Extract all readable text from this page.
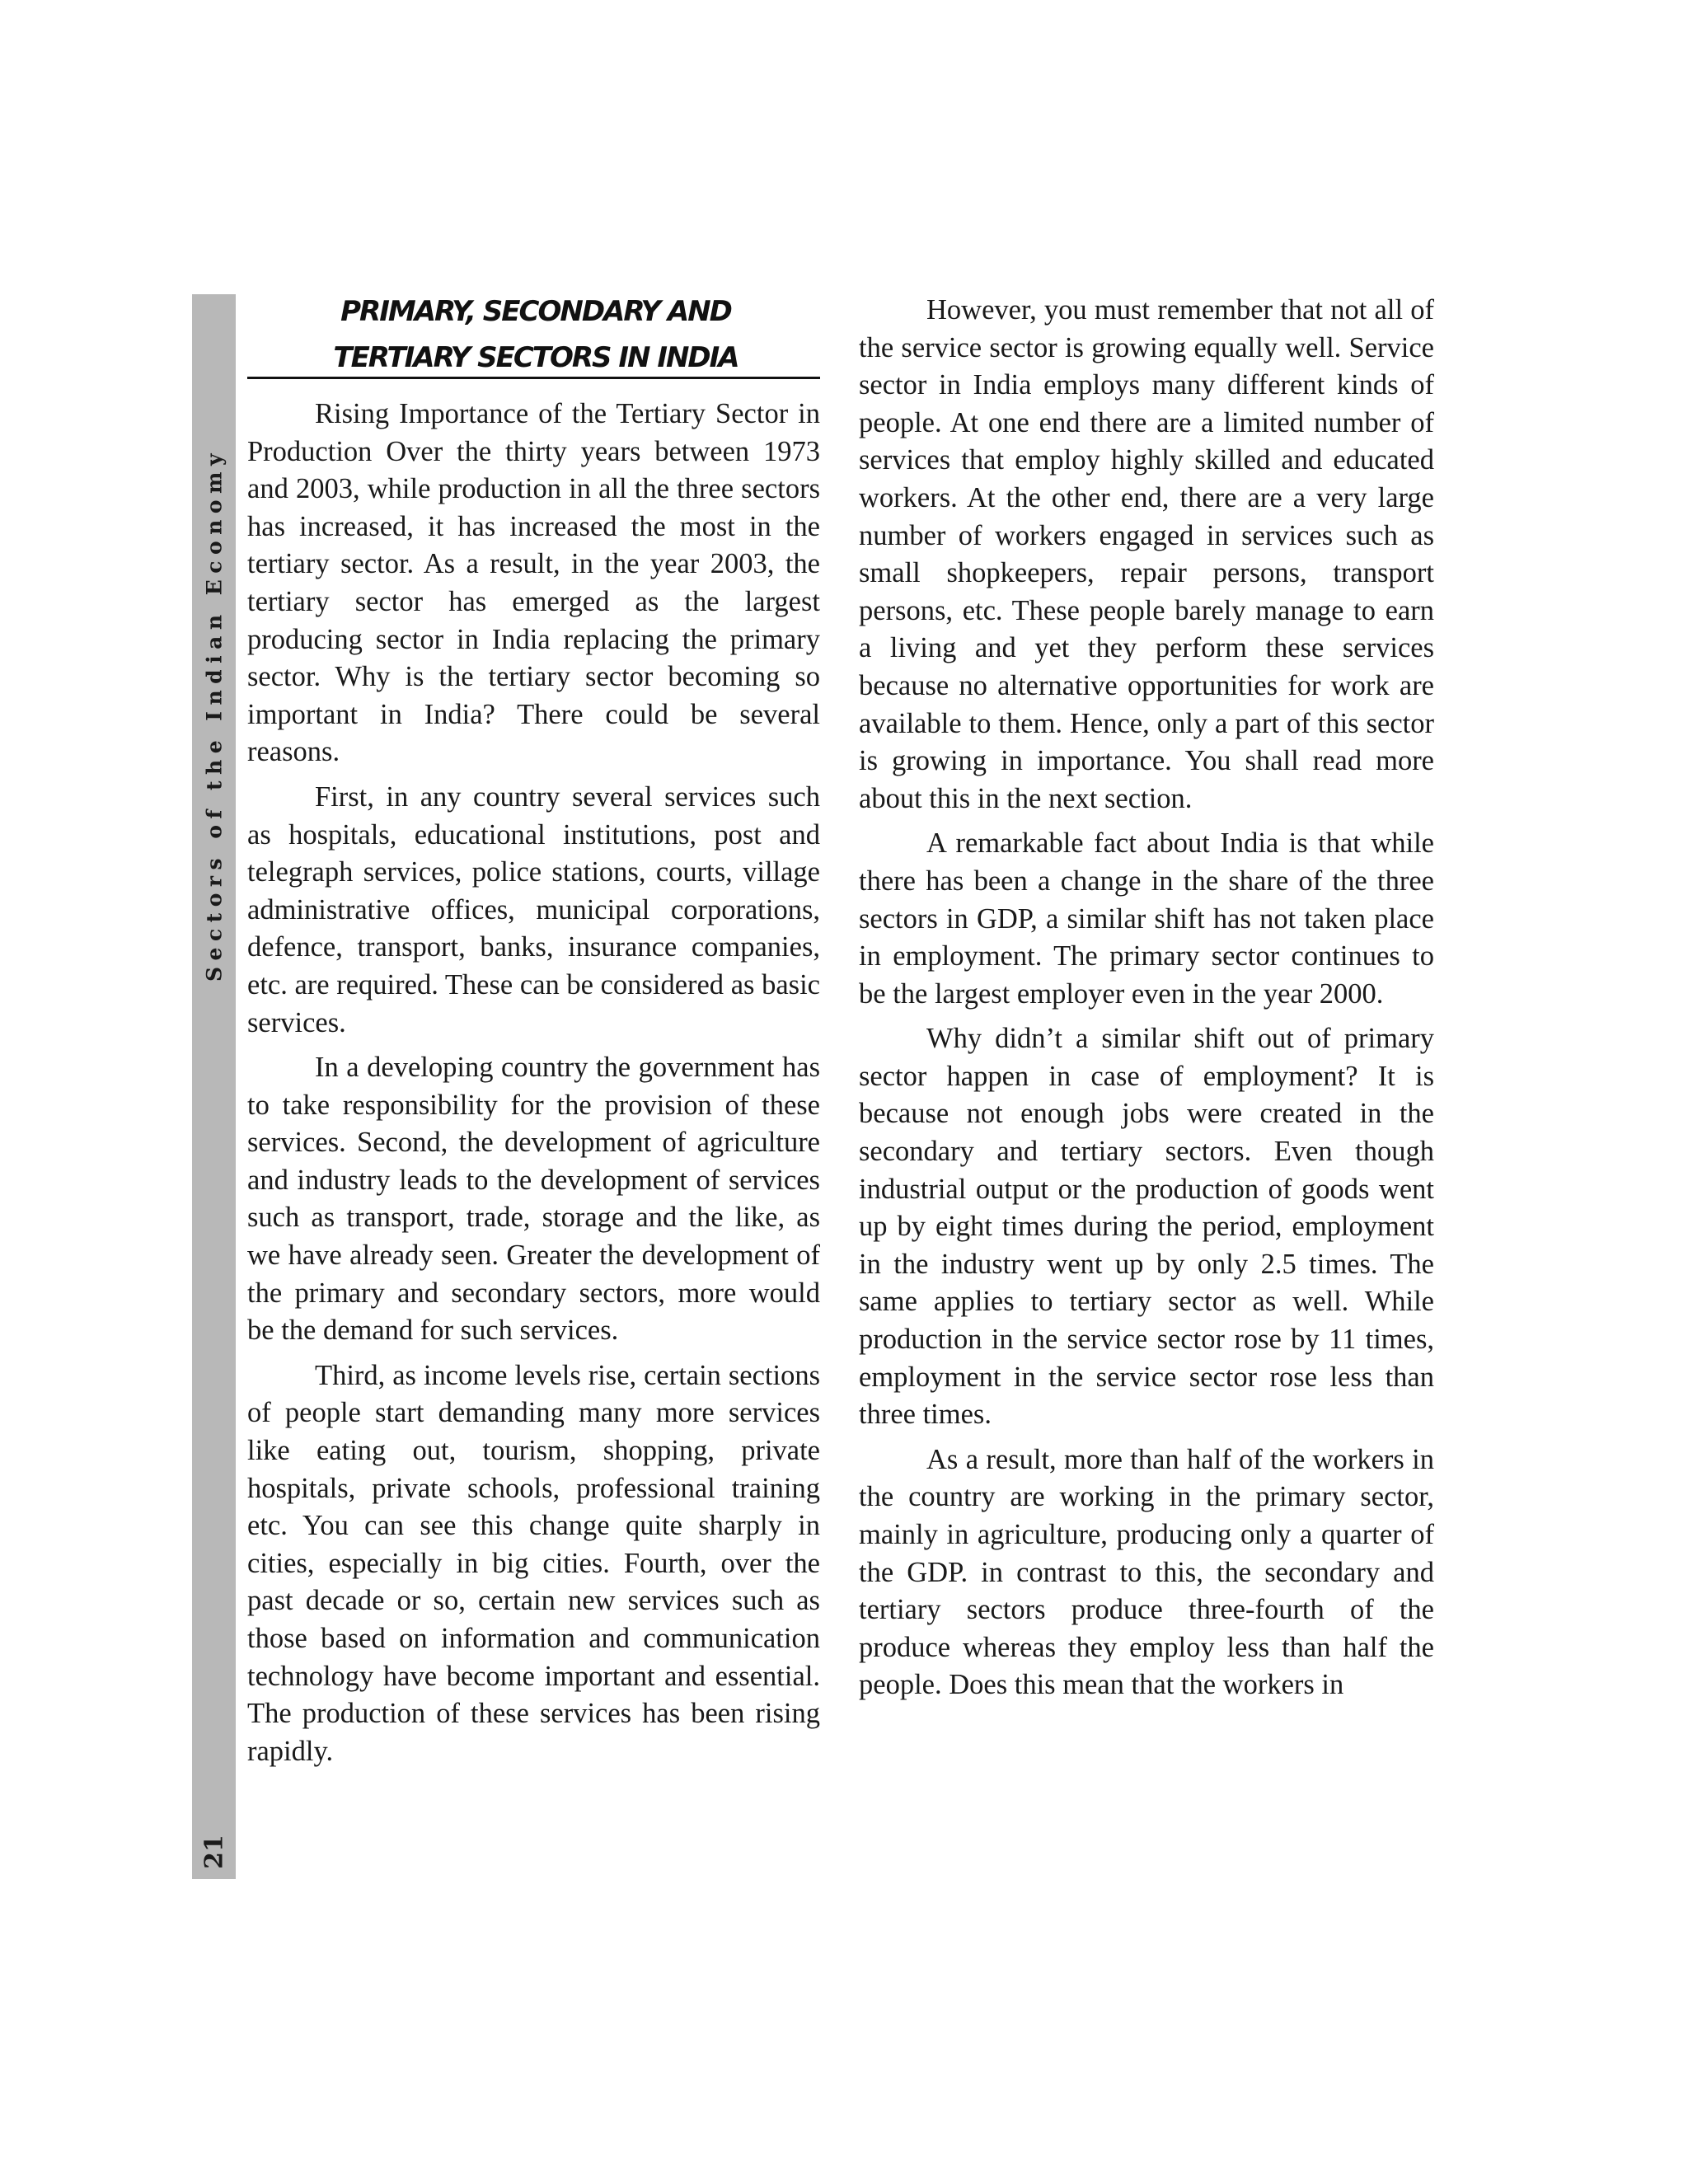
Sectors of the Indian Economy
21
PRIMARY, SECONDARY AND
TERTIARY SECTORS IN INDIA

Rising Importance of the Tertiary Sector in Production Over the thirty years between 1973 and 2003, while production in all the three sectors has increased, it has increased the most in the tertiary sector. As a result, in the year 2003, the tertiary sector has emerged as the largest producing sector in India replacing the primary sector. Why is the tertiary sector becoming so important in India? There could be several reasons.

First, in any country several services such as hospitals, educational institutions, post and telegraph services, police stations, courts, village administrative offices, municipal corporations, defence, transport, banks, insurance companies, etc. are required. These can be considered as basic services.

In a developing country the government has to take responsibility for the provision of these services. Second, the development of agriculture and industry leads to the development of services such as transport, trade, storage and the like, as we have already seen. Greater the development of the primary and secondary sectors, more would be the demand for such services.

Third, as income levels rise, certain sections of people start demanding many more services like eating out, tourism, shopping, private hospitals, private schools, professional training etc. You can see this change quite sharply in cities, especially in big cities. Fourth, over the past decade or so, certain new services such as those based on information and communication technology have become important and essential. The production of these services has been rising rapidly.

However, you must remember that not all of the service sector is growing equally well. Service sector in India employs many different kinds of people. At one end there are a limited number of services that employ highly skilled and educated workers. At the other end, there are a very large number of workers engaged in services such as small shopkeepers, repair persons, transport persons, etc. These people barely manage to earn a living and yet they perform these services because no alternative opportunities for work are available to them. Hence, only a part of this sector is growing in importance. You shall read more about this in the next section.

A remarkable fact about India is that while there has been a change in the share of the three sectors in GDP, a similar shift has not taken place in employment. The primary sector continues to be the largest employer even in the year 2000.

Why didn’t a similar shift out of primary sector happen in case of employment? It is because not enough jobs were created in the secondary and tertiary sectors. Even though industrial output or the production of goods went up by eight times during the period, employment in the industry went up by only 2.5 times. The same applies to tertiary sector as well. While production in the service sector rose by 11 times, employment in the service sector rose less than three times.

As a result, more than half of the workers in the country are working in the primary sector, mainly in agriculture, producing only a quarter of the GDP. in contrast to this, the secondary and tertiary sectors produce three-fourth of the produce whereas they employ less than half the people. Does this mean that the workers in
